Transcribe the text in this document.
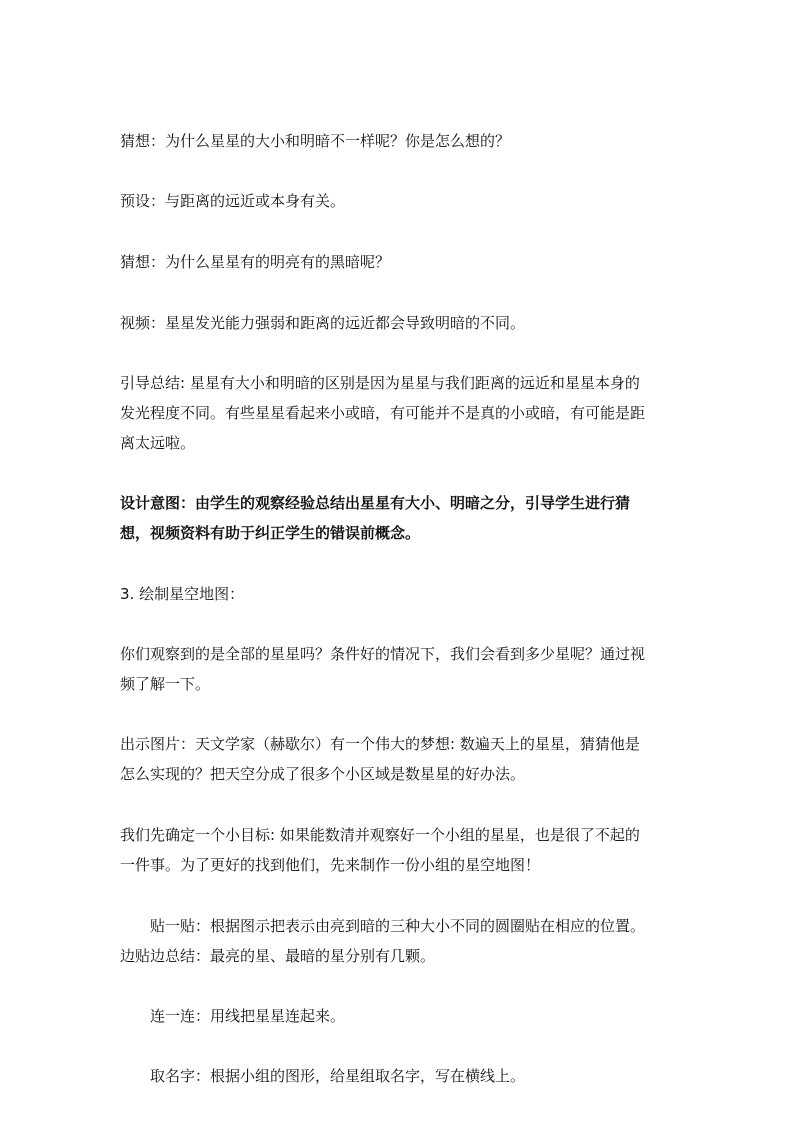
猜想：为什么星星的大小和明暗不一样呢？你是怎么想的？

预设：与距离的远近或本身有关。

猜想：为什么星星有的明亮有的黑暗呢？

视频：星星发光能力强弱和距离的远近都会导致明暗的不同。

引导总结: 星星有大小和明暗的区别是因为星星与我们距离的远近和星星本身的
发光程度不同。有些星星看起来小或暗，有可能并不是真的小或暗，有可能是距
离太远啦。

设计意图：由学生的观察经验总结出星星有大小、明暗之分，引导学生进行猜
想，视频资料有助于纠正学生的错误前概念。

3. 绘制星空地图：

你们观察到的是全部的星星吗？条件好的情况下，我们会看到多少星呢？通过视
频了解一下。

出示图片：天文学家（赫歇尔）有一个伟大的梦想: 数遍天上的星星，猜猜他是
怎么实现的？把天空分成了很多个小区域是数星星的好办法。

我们先确定一个小目标: 如果能数清并观察好一个小组的星星，也是很了不起的
一件事。为了更好的找到他们，先来制作一份小组的星空地图！

贴一贴：根据图示把表示由亮到暗的三种大小不同的圆圈贴在相应的位置。
边贴边总结：最亮的星、最暗的星分别有几颗。

连一连：用线把星星连起来。

取名字：根据小组的图形，给星组取名字，写在横线上。
